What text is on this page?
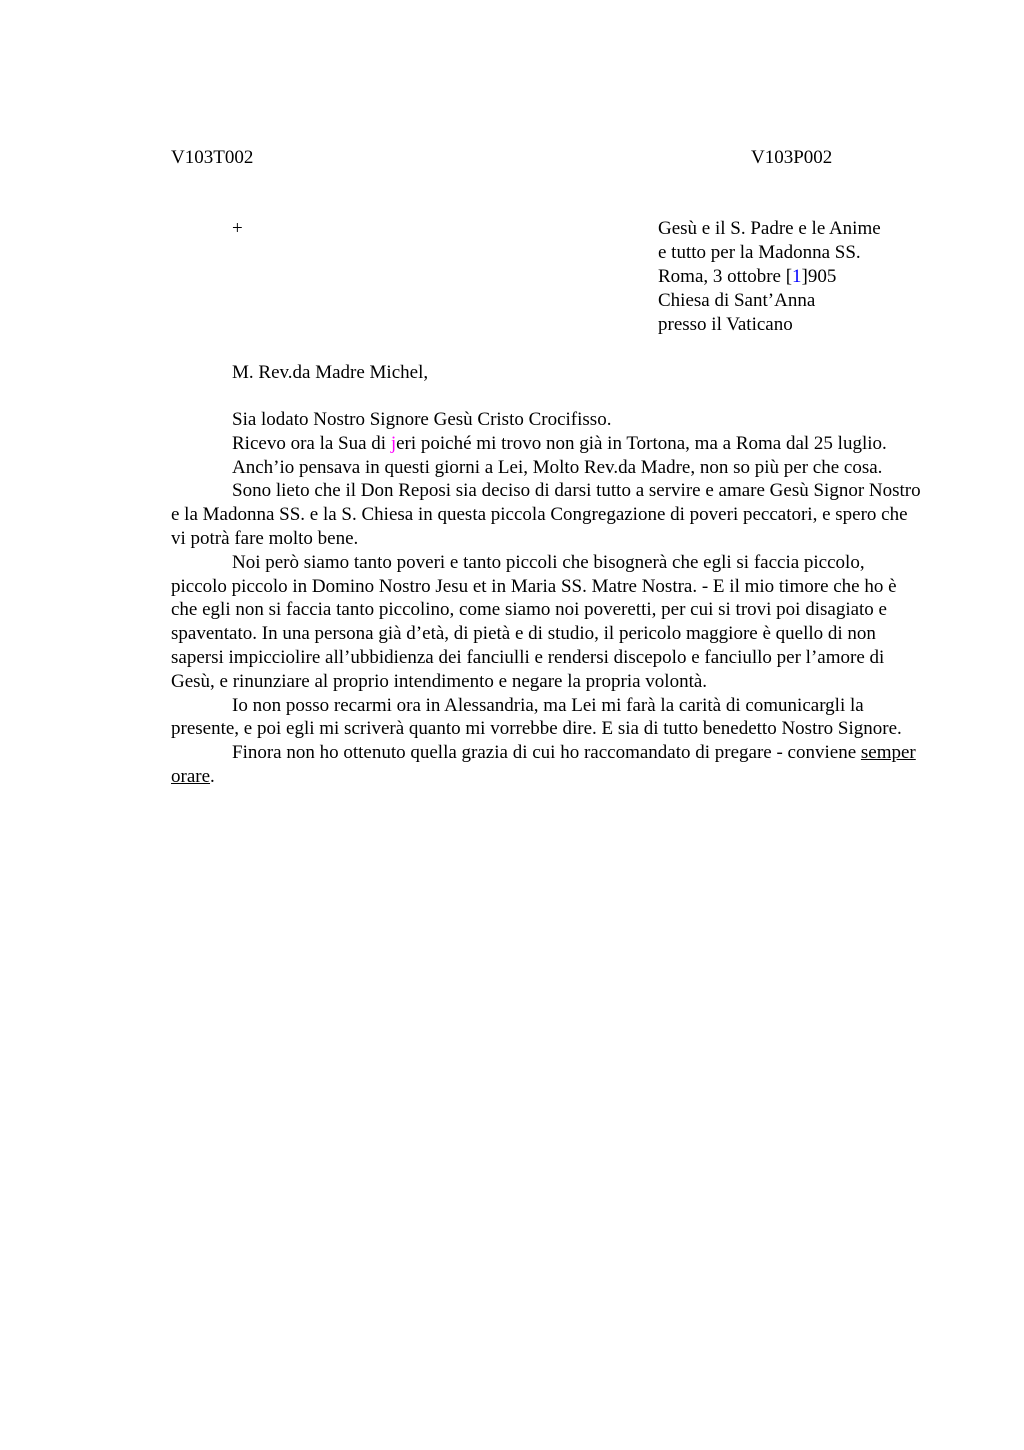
V103T002	V103P002
+	Gesù e il S. Padre e le Anime
e tutto per la Madonna SS.
Roma, 3 ottobre [1]905
Chiesa di Sant’Anna
presso il Vaticano
M. Rev.da Madre Michel,

Sia lodato Nostro Signore Gesù Cristo Crocifisso.

Ricevo ora la Sua di jeri poiché mi trovo non già in Tortona, ma a Roma dal 25 luglio.

Anch’io pensava in questi giorni a Lei, Molto Rev.da Madre, non so più per che cosa.

Sono lieto che il Don Reposi sia deciso di darsi tutto a servire e amare Gesù Signor Nostro e la Madonna SS. e la S. Chiesa in questa piccola Congregazione di poveri peccatori, e spero che vi potrà fare molto bene.

Noi però siamo tanto poveri e tanto piccoli che bisognerà che egli si faccia piccolo, piccolo piccolo in Domino Nostro Jesu et in Maria SS. Matre Nostra. - E il mio timore che ho è che egli non si faccia tanto piccolino, come siamo noi poveretti, per cui si trovi poi disagiato e spaventato. In una persona già d’età, di pietà e di studio, il pericolo maggiore è quello di non sapersi impicciolire all’ubbidienza dei fanciulli e rendersi discepolo e fanciullo per l’amore di Gesù, e rinunziare al proprio intendimento e negare la propria volontà.

Io non posso recarmi ora in Alessandria, ma Lei mi farà la carità di comunicargli la presente, e poi egli mi scriverà quanto mi vorrebbe dire. E sia di tutto benedetto Nostro Signore.

Finora non ho ottenuto quella grazia di cui ho raccomandato di pregare - conviene semper orare.
